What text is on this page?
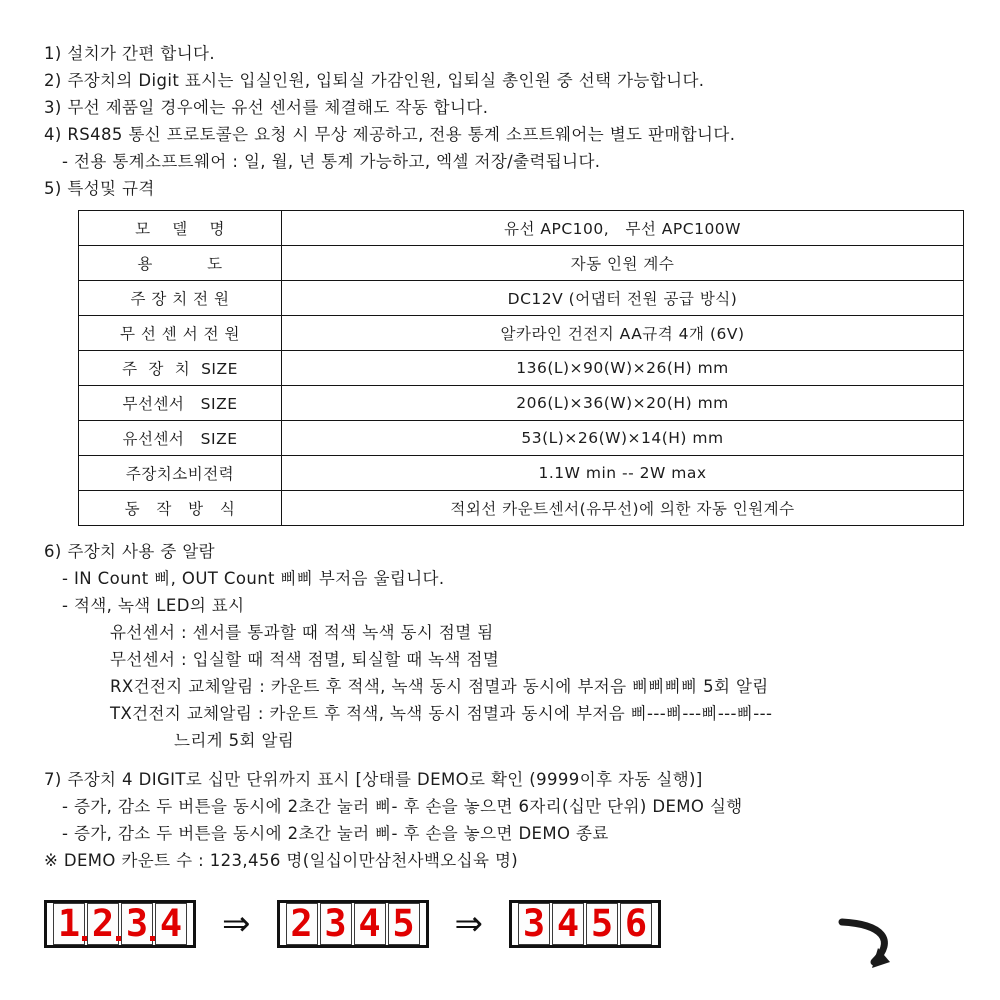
1) 설치가 간편 합니다.
2) 주장치의 Digit 표시는 입실인원, 입퇴실 가감인원, 입퇴실 총인원 중 선택 가능합니다.
3) 무선 제품일 경우에는 유선 센서를 체결해도 작동 합니다.
4) RS485 통신 프로토콜은 요청 시 무상 제공하고, 전용 통계 소프트웨어는 별도 판매합니다.
- 전용 통계소프트웨어 : 일, 월, 년 통계 가능하고, 엑셀 저장/출력됩니다.
5) 특성및 규격
모    델    명	유선 APC100,   무선 APC100W
용          도	자동 인원 계수
주 장 치 전 원	DC12V (어댑터 전원 공급 방식)
무 선 센 서 전 원	알카라인 건전지 AA규격 4개 (6V)
주  장  치  SIZE	136(L)×90(W)×26(H) mm
무선센서   SIZE	206(L)×36(W)×20(H) mm
유선센서   SIZE	53(L)×26(W)×14(H) mm
주장치소비전력	1.1W min -- 2W max
동   작   방   식	적외선 카운트센서(유무선)에 의한 자동 인원계수
6) 주장치 사용 중 알람
- IN Count 삐, OUT Count 삐삐 부저음 울립니다.
- 적색, 녹색 LED의 표시
유선센서 : 센서를 통과할 때 적색 녹색 동시 점멸 됨
무선센서 : 입실할 때 적색 점멸, 퇴실할 때 녹색 점멸
RX건전지 교체알림 : 카운트 후 적색, 녹색 동시 점멸과 동시에 부저음 삐삐삐삐 5회 알림
TX건전지 교체알림 : 카운트 후 적색, 녹색 동시 점멸과 동시에 부저음 삐---삐---삐---삐---
느리게 5회 알림
7) 주장치 4 DIGIT로 십만 단위까지 표시 [상태를 DEMO로 확인 (9999이후 자동 실행)]
- 증가, 감소 두 버튼을 동시에 2초간 눌러 삐- 후 손을 놓으면 6자리(십만 단위) DEMO 실행
- 증가, 감소 두 버튼을 동시에 2초간 눌러 삐- 후 손을 놓으면 DEMO 종료
※ DEMO 카운트 수 : 123,456 명(일십이만삼천사백오십육 명)
1 2 3 4 ⇒ 2 3 4 5 ⇒ 3 4 5 6
